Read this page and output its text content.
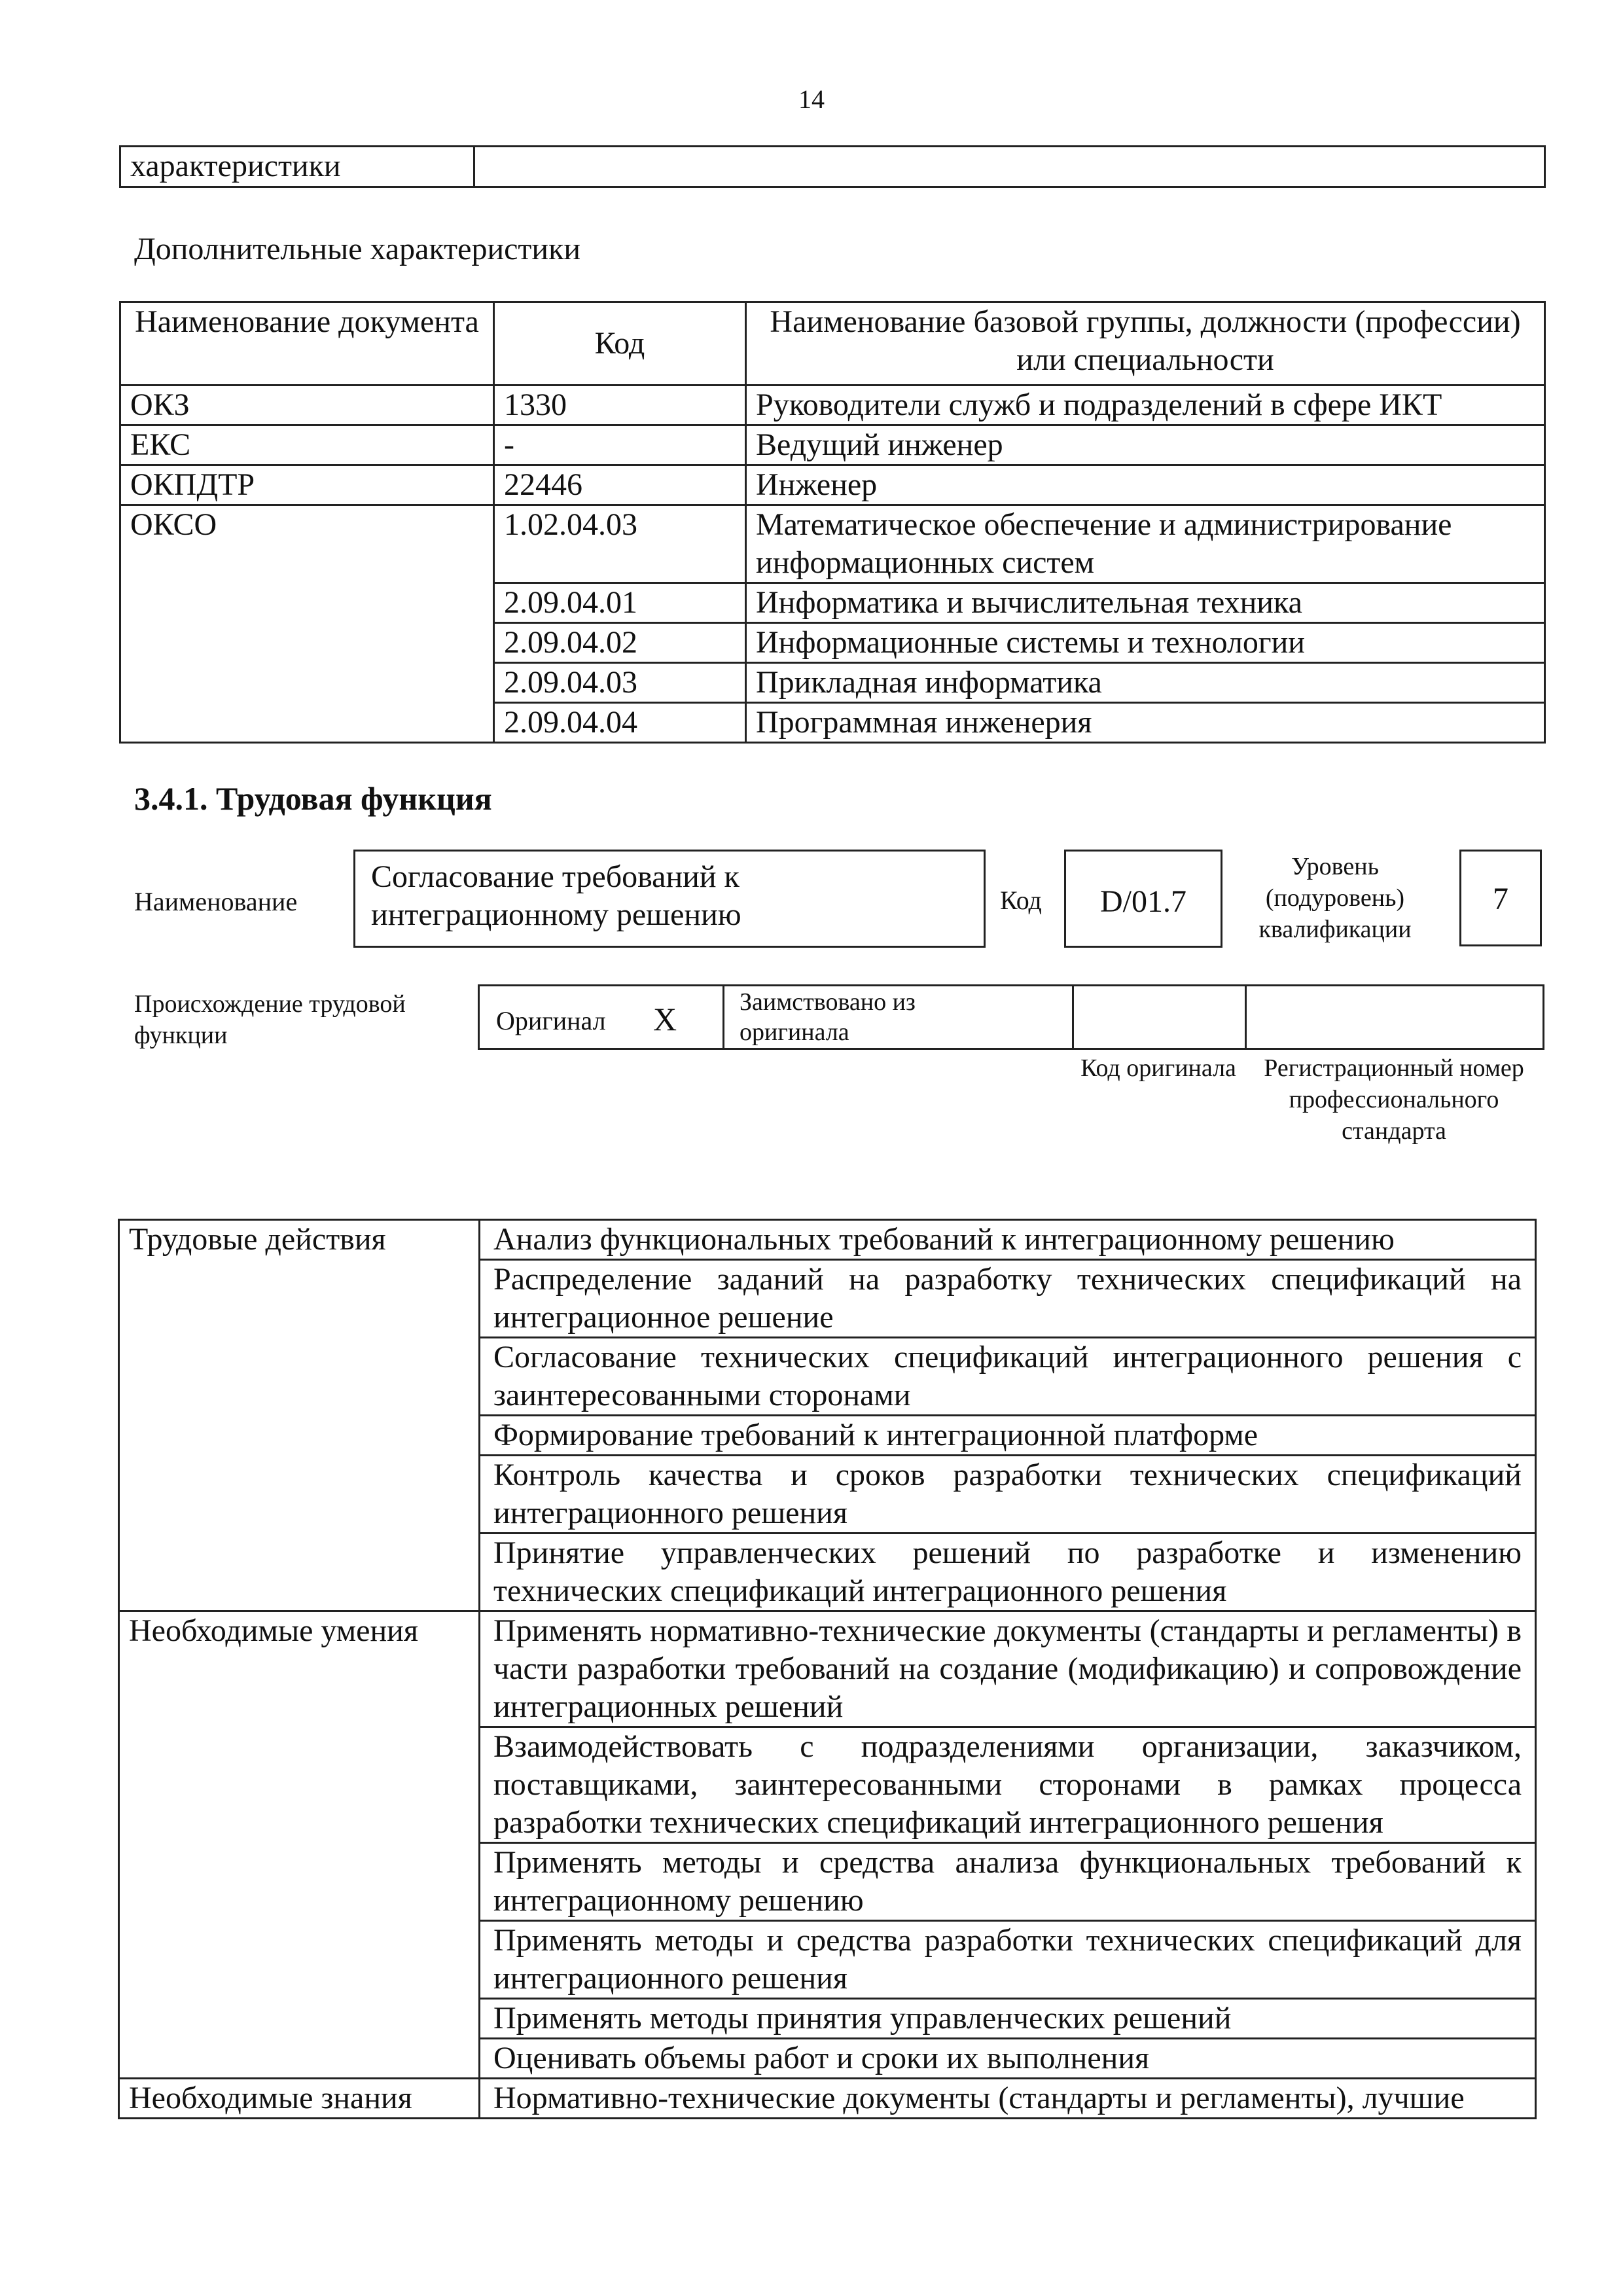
14
характеристики	
Дополнительные характеристики
Наименование документа	Код	Наименование базовой группы, должности (профессии) или специальности
ОКЗ	1330	Руководители служб и подразделений в сфере ИКТ
ЕКС	-	Ведущий инженер
ОКПДТР	22446	Инженер
ОКСО	1.02.04.03	Математическое обеспечение и администрирование информационных систем
	2.09.04.01	Информатика и вычислительная техника
	2.09.04.02	Информационные системы и технологии
	2.09.04.03	Прикладная информатика
	2.09.04.04	Программная инженерия
3.4.1. Трудовая функция
Наименование
Согласование требований к интеграционному решению	Код	D/01.7
Уровень (подуровень) квалификации
7
Происхождение трудовой функции	Оригинал X	Заимствовано из оригинала
Код оригинала Регистрационный номер профессионального стандарта
Трудовые действия	Анализ функциональных требований к интеграционному решению
	Распределение заданий на разработку технических спецификаций на интеграционное решение
	Согласование технических спецификаций интеграционного решения с заинтересованными сторонами
	Формирование требований к интеграционной платформе
	Контроль качества и сроков разработки технических спецификаций интеграционного решения
	Принятие управленческих решений по разработке и изменению технических спецификаций интеграционного решения
Необходимые умения	Применять нормативно-технические документы (стандарты и регламенты) в части разработки требований на создание (модификацию) и сопровождение интеграционных решений
	Взаимодействовать с подразделениями организации, заказчиком, поставщиками, заинтересованными сторонами в рамках процесса разработки технических спецификаций интеграционного решения
	Применять методы и средства анализа функциональных требований к интеграционному решению
	Применять методы и средства разработки технических спецификаций для интеграционного решения
	Применять методы принятия управленческих решений
	Оценивать объемы работ и сроки их выполнения
Необходимые знания	Нормативно-технические документы (стандарты и регламенты), лучшие
